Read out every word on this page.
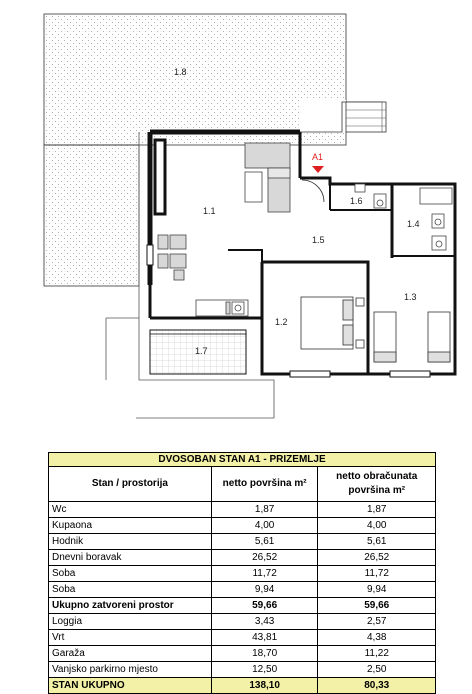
1.8
1.7
1.1
A1
1.5
1.6
1.4
1.2
1.3
DVOSOBAN STAN A1 - PRIZEMLJE		
Stan / prostorija	netto površina m²	netto obračunata
površina m²
Wc	1,87	1,87
Kupaona	4,00	4,00
Hodnik	5,61	5,61
Dnevni boravak	26,52	26,52
Soba	11,72	11,72
Soba	9,94	9,94
Ukupno zatvoreni prostor	59,66	59,66
Loggia	3,43	2,57
Vrt	43,81	4,38
Garaža	18,70	11,22
Vanjsko parkirno mjesto	12,50	2,50
STAN UKUPNO	138,10	80,33
